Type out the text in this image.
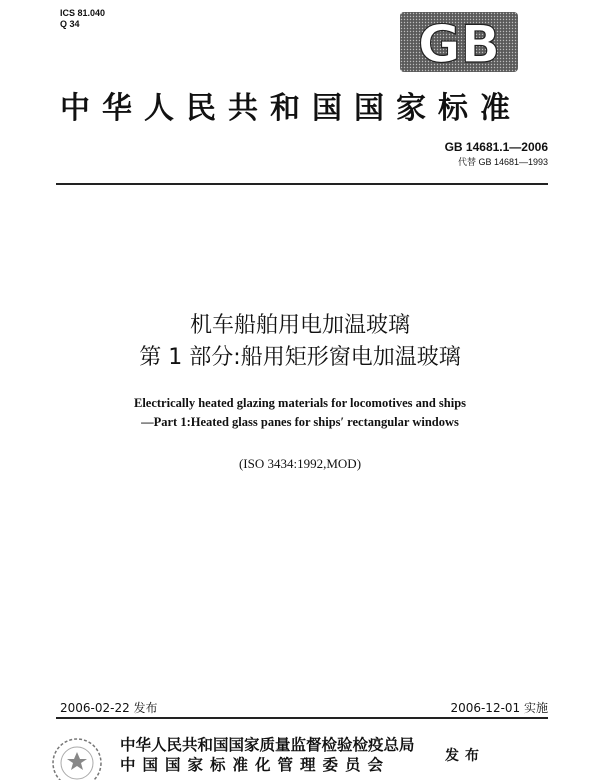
ICS 81.040
Q 34	GB
中华人民共和国国家标准
GB 14681.1—2006
代替 GB 14681—1993
机车船舶用电加温玻璃
第 1 部分:船用矩形窗电加温玻璃
Electrically heated glazing materials for locomotives and ships
—Part 1:Heated glass panes for ships′ rectangular windows
(ISO 3434:1992,MOD)
2006-02-22 发布	2006-12-01 实施
中华人民共和国国家质量监督检验检疫总局
中国国家标准化管理委员会	发布
